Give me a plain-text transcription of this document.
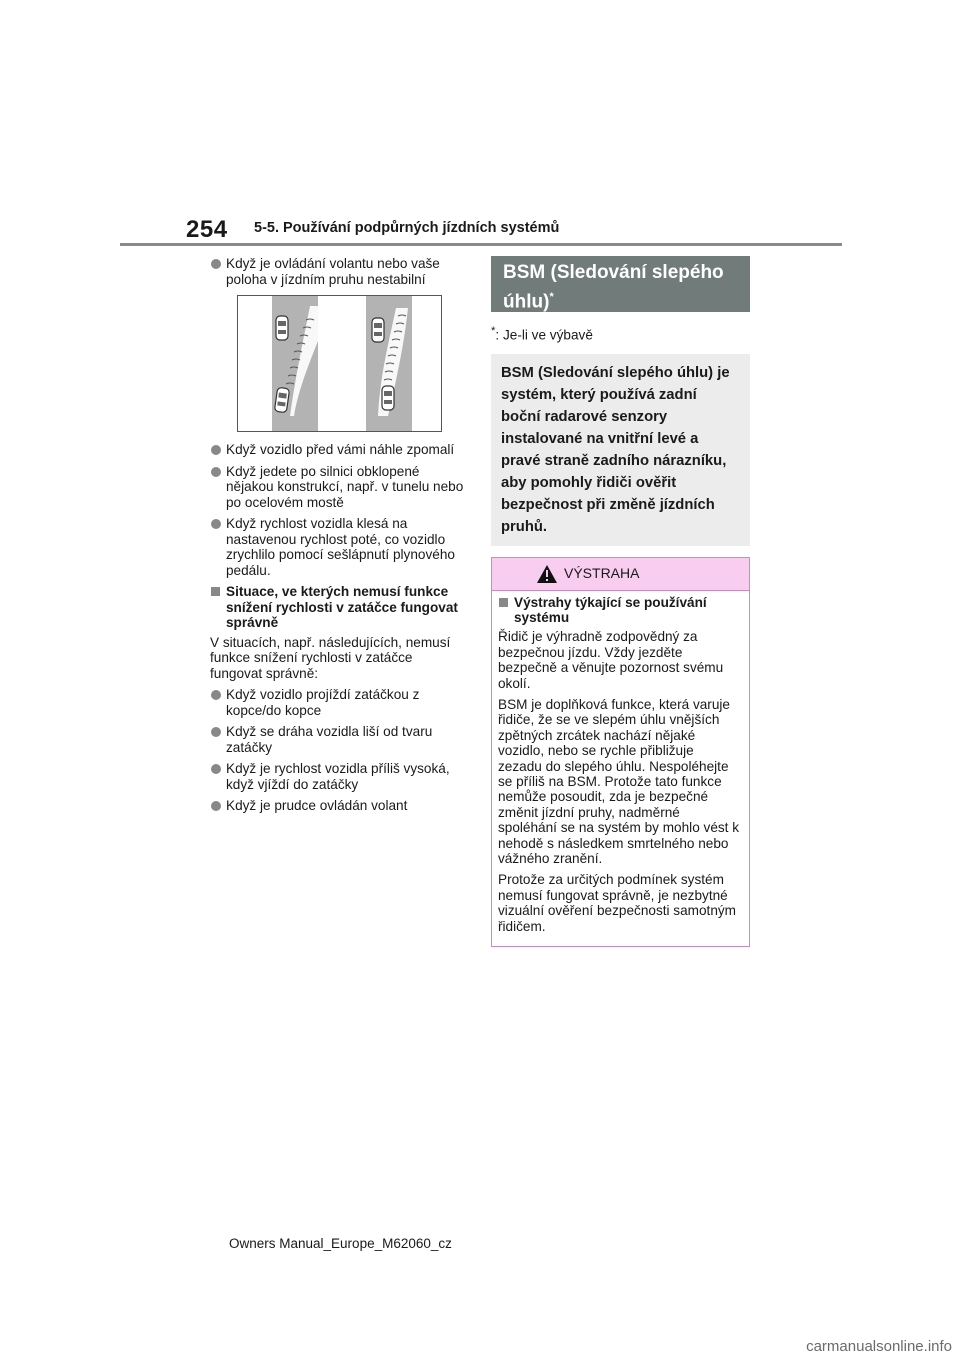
254 5-5. Používání podpůrných jízdních systémů
Když je ovládání volantu nebo vaše poloha v jízdním pruhu nestabilní
Když vozidlo před vámi náhle zpomalí
Když jedete po silnici obklopené nějakou konstrukcí, např. v tunelu nebo po ocelovém mostě
Když rychlost vozidla klesá na nastavenou rychlost poté, co vozidlo zrychlilo pomocí sešlápnutí plynového pedálu.
Situace, ve kterých nemusí funkce snížení rychlosti v zatáčce fungovat správně
V situacích, např. následujících, nemusí funkce snížení rychlosti v zatáčce fungovat správně:
Když vozidlo projíždí zatáčkou z kopce/do kopce
Když se dráha vozidla liší od tvaru zatáčky
Když je rychlost vozidla příliš vysoká, když vjíždí do zatáčky
Když je prudce ovládán volant
BSM (Sledování slepého úhlu)*
*: Je-li ve výbavě
BSM (Sledování slepého úhlu) je systém, který používá zadní boční radarové senzory instalované na vnitřní levé a pravé straně zadního nárazníku, aby pomohly řidiči ověřit bezpečnost při změně jízdních pruhů.
VÝSTRAHA
Výstrahy týkající se používání systému
Řidič je výhradně zodpovědný za bezpečnou jízdu. Vždy jezděte bezpečně a věnujte pozornost svému okolí.
BSM je doplňková funkce, která varuje řidiče, že se ve slepém úhlu vnějších zpětných zrcátek nachází nějaké vozidlo, nebo se rychle přibližuje zezadu do slepého úhlu. Nespoléhejte se příliš na BSM. Protože tato funkce nemůže posoudit, zda je bezpečné změnit jízdní pruhy, nadměrné spoléhání se na systém by mohlo vést k nehodě s následkem smrtelného nebo vážného zranění.
Protože za určitých podmínek systém nemusí fungovat správně, je nezbytné vizuální ověření bezpečnosti samotným řidičem.
Owners Manual_Europe_M62060_cz
carmanualsonline.info
